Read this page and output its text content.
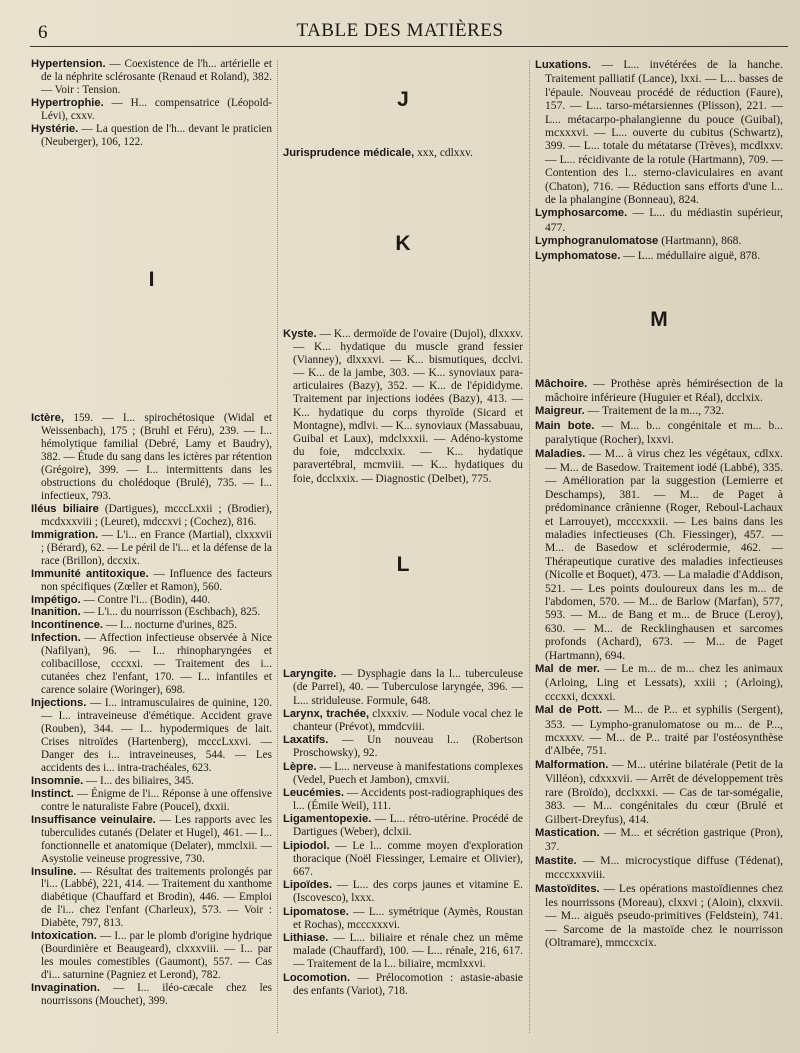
6	TABLE DES MATIÈRES

Hypertension. — Coexistence de l'h... artérielle et de la néphrite sclérosante (Renaud et Roland), 382. — Voir : Tension.

Hypertrophie. — H... compensatrice (Léopold-Lévi), cxxv.

Hystérie. — La question de l'h... devant le praticien (Neuberger), 106, 122.

I

Ictère, 159. — I... spirochétosique (Widal et Weissenbach), 175 ; (Bruhl et Féru), 239. — I... hémolytique familial (Debré, Lamy et Baudry), 382. — Étude du sang dans les ictères par rétention (Grégoire), 399. — I... intermittents dans les obstructions du cholédoque (Brulé), 735. — I... infectieux, 793.

Iléus biliaire (Dartigues), mcccLxxii ; (Brodier), mcdxxxviii ; (Leuret), mdccxvi ; (Cochez), 816.

Immigration. — L'i... en France (Martial), clxxxvii ; (Bérard), 62. — Le péril de l'i... et la défense de la race (Brillon), dccxix.

Immunité antitoxique. — Influence des facteurs non spécifiques (Zœller et Ramon), 560.

Impétigo. — Contre l'i... (Bodin), 440.

Inanition. — L'i... du nourrisson (Eschbach), 825.

Incontinence. — I... nocturne d'urines, 825.

Infection. — Affection infectieuse observée à Nice (Nafilyan), 96. — I... rhinopharyngées et colibacillose, cccxxi. — Traitement des i... cutanées chez l'enfant, 170. — I... infantiles et carence solaire (Woringer), 698.

Injections. — I... intramusculaires de quinine, 120. — I... intraveineuse d'émétique. Accident grave (Rouben), 344. — I... hypodermiques de lait. Crises nitroïdes (Hartenberg), mcccLxxvi. — Danger des i... intraveineuses, 544. — Les accidents des i... intra-trachéales, 623.

Insomnie. — I... des biliaires, 345.

Instinct. — Énigme de l'i... Réponse à une offensive contre le naturaliste Fabre (Poucel), dxxii.

Insuffisance veinulaire. — Les rapports avec les tuberculides cutanés (Delater et Hugel), 461. — I... fonctionnelle et anatomique (Delater), mmclxii. — Asystolie veineuse progressive, 730.

Insuline. — Résultat des traitements prolongés par l'i... (Labbé), 221, 414. — Traitement du xanthome diabétique (Chauffard et Brodin), 446. — Emploi de l'i... chez l'enfant (Charleux), 573. — Voir : Diabète, 797, 813.

Intoxication. — I... par le plomb d'origine hydrique (Bourdinière et Beaugeard), clxxxviii. — I... par les moules comestibles (Gaumont), 557. — Cas d'i... saturnine (Pagniez et Lerond), 782.

Invagination. — I... iléo-cæcale chez les nourrissons (Mouchet), 399.

J

Jurisprudence médicale, xxx, cdlxxv.

K

Kyste. — K... dermoïde de l'ovaire (Dujol), dlxxxv. — K... hydatique du muscle grand fessier (Vianney), dlxxxvi. — K... bismutiques, dcclvi. — K... de la jambe, 303. — K... synoviaux para-articulaires (Bazy), 352. — K... de l'épididyme. Traitement par injections iodées (Bazy), 413. — K... hydatique du corps thyroïde (Sicard et Montagne), mdlvi. — K... synoviaux (Massabuau, Guibal et Laux), mdclxxxii. — Adéno-kystome du foie, mdcclxxix. — K... hydatique paravertébral, mcmviii. — K... hydatiques du foie, dcclxxix. — Diagnostic (Delbet), 775.

L

Laryngite. — Dysphagie dans la l... tuberculeuse (de Parrel), 40. — Tuberculose laryngée, 396. — L... striduleuse. Formule, 648.

Larynx, trachée, clxxxiv. — Nodule vocal chez le chanteur (Prévot), mmdcviii.

Laxatifs. — Un nouveau l... (Robertson Proschowsky), 92.

Lèpre. — L... nerveuse à manifestations complexes (Vedel, Puech et Jambon), cmxvii.

Leucémies. — Accidents post-radiographiques des l... (Émile Weil), 111.

Ligamentopexie. — L... rétro-utérine. Procédé de Dartigues (Weber), dclxii.

Lipiodol. — Le l... comme moyen d'exploration thoracique (Noël Fiessinger, Lemaire et Olivier), 667.

Lipoïdes. — L... des corps jaunes et vitamine E. (Iscovesco), lxxx.

Lipomatose. — L... symétrique (Aymès, Roustan et Rochas), mcccxxxvi.

Lithiase. — L... biliaire et rénale chez un même malade (Chauffard), 100. — L... rénale, 216, 617. — Traitement de la l... biliaire, mcmlxxvi.

Locomotion. — Prélocomotion : astasie-abasie des enfants (Variot), 718.

Luxations. — L... invétérées de la hanche. Traitement palliatif (Lance), lxxi. — L... basses de l'épaule. Nouveau procédé de réduction (Faure), 157. — L... tarso-métarsiennes (Plisson), 221. — L... métacarpo-phalangienne du pouce (Guibal), mcxxxvi. — L... ouverte du cubitus (Schwartz), 399. — L... totale du métatarse (Trèves), mcdlxxv. — L... récidivante de la rotule (Hartmann), 709. — Contention des l... sterno-claviculaires en avant (Chaton), 716. — Réduction sans efforts d'une l... de la phalangine (Bonneau), 824.

Lymphosarcome. — L... du médiastin supérieur, 477.

Lymphogranulomatose (Hartmann), 868.

Lymphomatose. — L... médullaire aiguë, 878.

M

Mâchoire. — Prothèse après hémirésection de la mâchoire inférieure (Huguier et Réal), dcclxix.

Maigreur. — Traitement de la m..., 732.

Main bote. — M... b... congénitale et m... b... paralytique (Rocher), lxxvi.

Maladies. — M... à virus chez les végétaux, cdlxx. — M... de Basedow. Traitement iodé (Labbé), 335. — Amélioration par la suggestion (Lemierre et Deschamps), 381. — M... de Paget à prédominance crânienne (Roger, Reboul-Lachaux et Larrouyet), mcccxxxii. — Les bains dans les maladies infectieuses (Ch. Fiessinger), 457. — M... de Basedow et sclérodermie, 462. — Thérapeutique curative des maladies infectieuses (Nicolle et Boquet), 473. — La maladie d'Addison, 521. — Les points douloureux dans les m... de l'abdomen, 570. — M... de Barlow (Marfan), 577, 593. — M... de Bang et m... de Bruce (Leroy), 630. — M... de Recklinghausen et sarcomes profonds (Achard), 673. — M... de Paget (Hartmann), 694.

Mal de mer. — Le m... de m... chez les animaux (Arloing, Ling et Lessats), xxiii ; (Arloing), cccxxi, dcxxxi.

Mal de Pott. — M... de P... et syphilis (Sergent), 353. — Lympho-granulomatose ou m... de P..., mcxxxv. — M... de P... traité par l'ostéosynthèse d'Albée, 751.

Malformation. — M... utérine bilatérale (Petit de la Villéon), cdxxxvii. — Arrêt de développement très rare (Broïdo), dcclxxxi. — Cas de tar-somégalie, 383. — M... congénitales du cœur (Brulé et Gilbert-Dreyfus), 414.

Mastication. — M... et sécrétion gastrique (Pron), 37.

Mastite. — M... microcystique diffuse (Tédenat), mcccxxxviii.

Mastoïdites. — Les opérations mastoïdiennes chez les nourrissons (Moreau), clxxvi ; (Aloin), clxxvii. — M... aiguës pseudo-primitives (Feldstein), 741. — Sarcome de la mastoïde chez le nourrisson (Oltramare), mmccxcix.
